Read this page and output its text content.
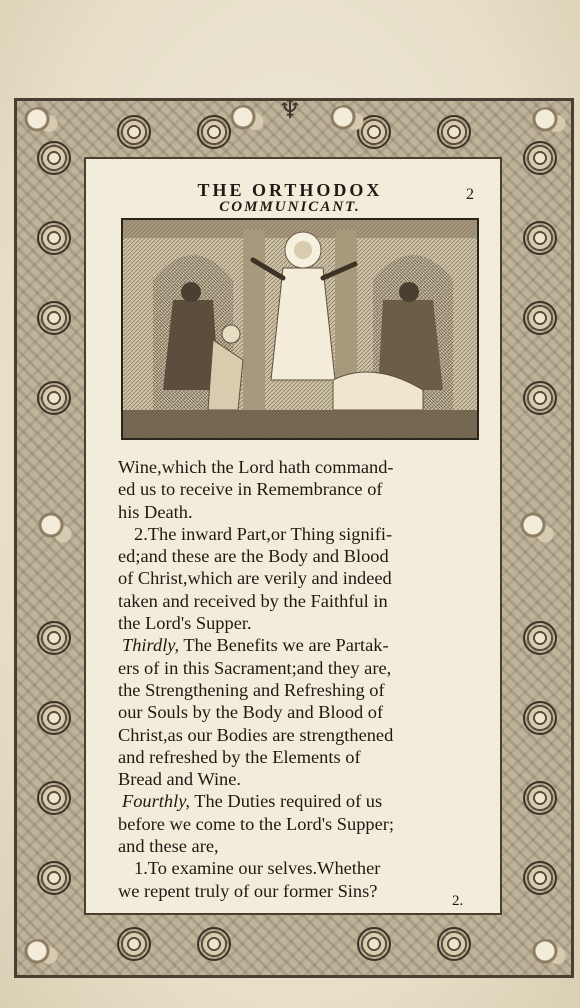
♆
THE ORTHODOX
COMMUNICANT.
2

Wine,which the Lord hath command-

ed us to receive in Remembrance of

his Death.

2.The inward Part,or Thing signifi-

ed;and these are the Body and Blood

of Christ,which are verily and indeed

taken and received by the Faithful in

the Lord's Supper.

Thirdly, The Benefits we are Partak-

ers of in this Sacrament;and they are,

the Strengthening and Refreshing of

our Souls by the Body and Blood of

Christ,as our Bodies are strengthened

and refreshed by the Elements of

Bread and Wine.

Fourthly, The Duties required of us

before we come to the Lord's Supper;

and these are,

1.To examine our selves.Whether

we repent truly of our former Sins?

2.
